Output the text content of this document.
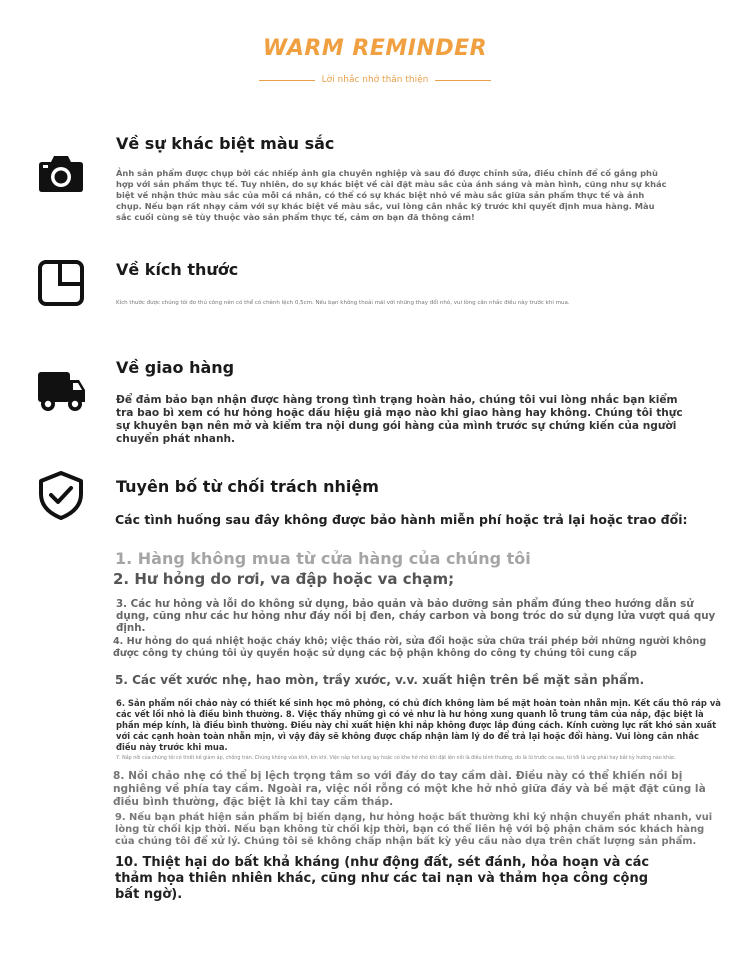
WARM REMINDER
Lời nhắc nhở thân thiện
Về sự khác biệt màu sắc
Ảnh sản phẩm được chụp bởi các nhiếp ảnh gia chuyên nghiệp và sau đó được chỉnh sửa, điều chỉnh để cố gắng phù hợp với sản phẩm thực tế. Tuy nhiên, do sự khác biệt về cài đặt màu sắc của ánh sáng và màn hình, cũng như sự khác biệt về nhận thức màu sắc của mỗi cá nhân, có thể có sự khác biệt nhỏ về màu sắc giữa sản phẩm thực tế và ảnh chụp. Nếu bạn rất nhạy cảm với sự khác biệt về màu sắc, vui lòng cân nhắc kỹ trước khi quyết định mua hàng. Màu sắc cuối cùng sẽ tùy thuộc vào sản phẩm thực tế, cảm ơn bạn đã thông cảm!
Về kích thước
Kích thước được chúng tôi đo thủ công nên có thể có chênh lệch 0,5cm. Nếu bạn không thoải mái với những thay đổi nhỏ, vui lòng cân nhắc điều này trước khi mua.
Về giao hàng
Để đảm bảo bạn nhận được hàng trong tình trạng hoàn hảo, chúng tôi vui lòng nhắc bạn kiểm tra bao bì xem có hư hỏng hoặc dấu hiệu giả mạo nào khi giao hàng hay không. Chúng tôi thực sự khuyên bạn nên mở và kiểm tra nội dung gói hàng của mình trước sự chứng kiến của người chuyển phát nhanh.
Tuyên bố từ chối trách nhiệm
Các tình huống sau đây không được bảo hành miễn phí hoặc trả lại hoặc trao đổi:
1. Hàng không mua từ cửa hàng của chúng tôi
2. Hư hỏng do rơi, va đập hoặc va chạm;
3. Các hư hỏng và lỗi do không sử dụng, bảo quản và bảo dưỡng sản phẩm đúng theo hướng dẫn sử dụng, cũng như các hư hỏng như đáy nồi bị đen, cháy carbon và bong tróc do sử dụng lửa vượt quá quy định.
4. Hư hỏng do quá nhiệt hoặc cháy khô; việc tháo rời, sửa đổi hoặc sửa chữa trái phép bởi những người không được công ty chúng tôi ủy quyền hoặc sử dụng các bộ phận không do công ty chúng tôi cung cấp
5. Các vết xước nhẹ, hao mòn, trầy xước, v.v. xuất hiện trên bề mặt sản phẩm.
6. Sản phẩm nồi chảo này có thiết kế sinh học mô phỏng, có chủ đích không làm bề mặt hoàn toàn nhẵn mịn. Kết cấu thô ráp và các vết lồi nhỏ là điều bình thường. 8. Việc thấy những gì có vẻ như là hư hỏng xung quanh lỗ trung tâm của nắp, đặc biệt là phần mép kính, là điều bình thường. Điều này chỉ xuất hiện khi nắp không được lắp đúng cách. Kính cường lực rất khó sản xuất với các cạnh hoàn toàn nhẵn mịn, vì vậy đây sẽ không được chấp nhận làm lý do để trả lại hoặc đổi hàng. Vui lòng cân nhắc điều này trước khi mua.
7. Nắp nồi của chúng tôi có thiết kế giảm áp, chống tràn. Chúng không vừa khít, kín khí. Việc nắp hơi lung lay hoặc có khe hở nhỏ khi đặt lên nồi là điều bình thường, do là lừ trước ca sau, từ tối là ung phải hay bắt kỳ hướng nào khác.
8. Nồi chảo nhẹ có thể bị lệch trọng tâm so với đáy do tay cầm dài. Điều này có thể khiến nồi bị nghiêng về phía tay cầm. Ngoài ra, việc nồi rỗng có một khe hở nhỏ giữa đáy và bề mặt đặt cũng là điều bình thường, đặc biệt là khi tay cầm tháp.
9. Nếu bạn phát hiện sản phẩm bị biến dạng, hư hỏng hoặc bất thường khi ký nhận chuyển phát nhanh, vui lòng từ chối kịp thời. Nếu bạn không từ chối kịp thời, bạn có thể liên hệ với bộ phận chăm sóc khách hàng của chúng tôi để xử lý. Chúng tôi sẽ không chấp nhận bất kỳ yêu cầu nào dựa trên chất lượng sản phẩm.
10. Thiệt hại do bất khả kháng (như động đất, sét đánh, hỏa hoạn và các thảm họa thiên nhiên khác, cũng như các tai nạn và thảm họa công cộng bất ngờ).
